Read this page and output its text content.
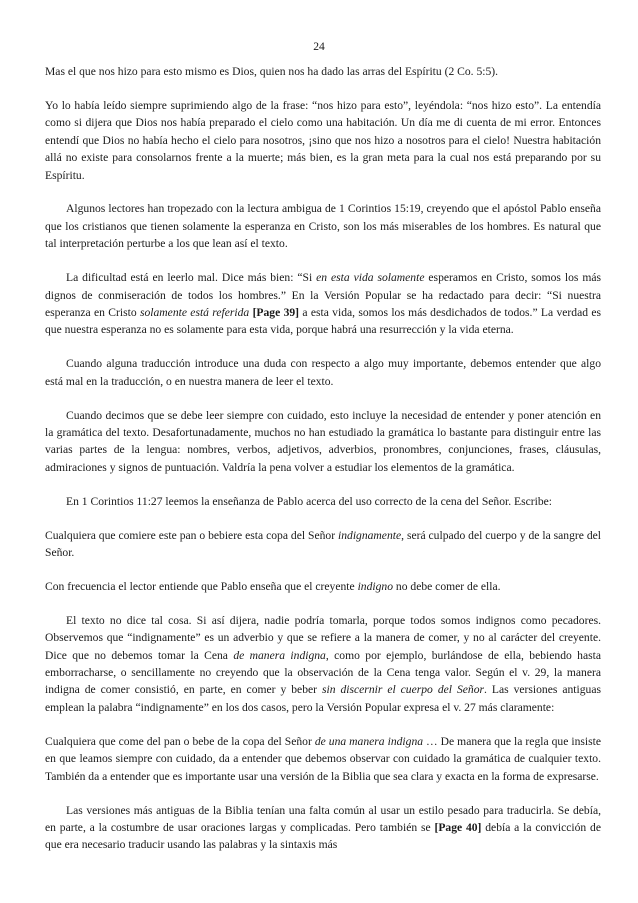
24

Mas el que nos hizo para esto mismo es Dios, quien nos ha dado las arras del Espíritu (2 Co. 5:5).

Yo lo había leído siempre suprimiendo algo de la frase: “nos hizo para esto”, leyéndola: “nos hizo esto”. La entendía como si dijera que Dios nos había preparado el cielo como una habitación. Un día me di cuenta de mi error. Entonces entendí que Dios no había hecho el cielo para nosotros, ¡sino que nos hizo a nosotros para el cielo! Nuestra habitación allá no existe para consolarnos frente a la muerte; más bien, es la gran meta para la cual nos está preparando por su Espíritu.

Algunos lectores han tropezado con la lectura ambigua de 1 Corintios 15:19, creyendo que el apóstol Pablo enseña que los cristianos que tienen solamente la esperanza en Cristo, son los más miserables de los hombres. Es natural que tal interpretación perturbe a los que lean así el texto.

La dificultad está en leerlo mal. Dice más bien: “Si en esta vida solamente esperamos en Cristo, somos los más dignos de conmiseración de todos los hombres.” En la Versión Popular se ha redactado para decir: “Si nuestra esperanza en Cristo solamente está referida [Page 39] a esta vida, somos los más desdichados de todos.” La verdad es que nuestra esperanza no es solamente para esta vida, porque habrá una resurrección y la vida eterna.

Cuando alguna traducción introduce una duda con respecto a algo muy importante, debemos entender que algo está mal en la traducción, o en nuestra manera de leer el texto.

Cuando decimos que se debe leer siempre con cuidado, esto incluye la necesidad de entender y poner atención en la gramática del texto. Desafortunadamente, muchos no han estudiado la gramática lo bastante para distinguir entre las varias partes de la lengua: nombres, verbos, adjetivos, adverbios, pronombres, conjunciones, frases, cláusulas, admiraciones y signos de puntuación. Valdría la pena volver a estudiar los elementos de la gramática.

En 1 Corintios 11:27 leemos la enseñanza de Pablo acerca del uso correcto de la cena del Señor. Escribe:

Cualquiera que comiere este pan o bebiere esta copa del Señor indignamente, será culpado del cuerpo y de la sangre del Señor.

Con frecuencia el lector entiende que Pablo enseña que el creyente indigno no debe comer de ella.

El texto no dice tal cosa. Si así dijera, nadie podría tomarla, porque todos somos indignos como pecadores. Observemos que “indignamente” es un adverbio y que se refiere a la manera de comer, y no al carácter del creyente. Dice que no debemos tomar la Cena de manera indigna, como por ejemplo, burlándose de ella, bebiendo hasta emborracharse, o sencillamente no creyendo que la observación de la Cena tenga valor. Según el v. 29, la manera indigna de comer consistió, en parte, en comer y beber sin discernir el cuerpo del Señor. Las versiones antiguas emplean la palabra “indignamente” en los dos casos, pero la Versión Popular expresa el v. 27 más claramente:

Cualquiera que come del pan o bebe de la copa del Señor de una manera indigna … De manera que la regla que insiste en que leamos siempre con cuidado, da a entender que debemos observar con cuidado la gramática de cualquier texto. También da a entender que es importante usar una versión de la Biblia que sea clara y exacta en la forma de expresarse.

Las versiones más antiguas de la Biblia tenían una falta común al usar un estilo pesado para traducirla. Se debía, en parte, a la costumbre de usar oraciones largas y complicadas. Pero también se [Page 40] debía a la convicción de que era necesario traducir usando las palabras y la sintaxis más
